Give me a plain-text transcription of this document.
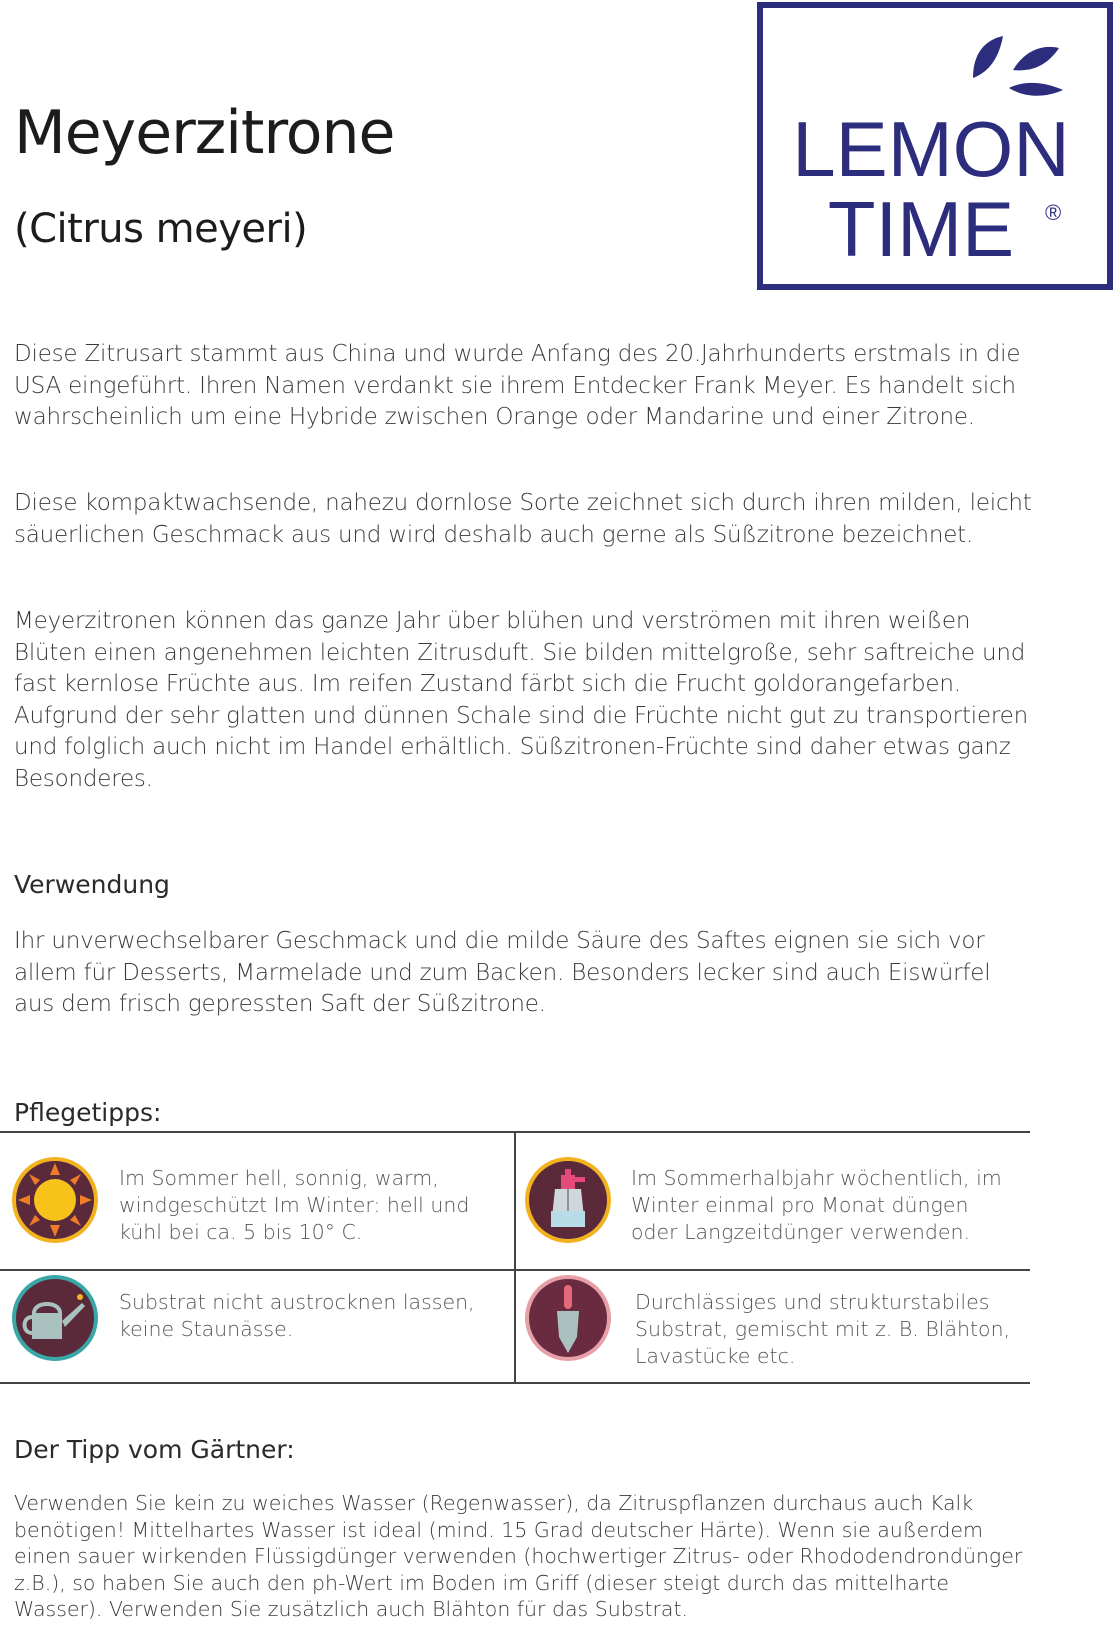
Meyerzitrone
(Citrus meyeri)
LEMON
TIME ®

Diese Zitrusart stammt aus China und wurde Anfang des 20.Jahrhunderts erstmals in die USA eingeführt. Ihren Namen verdankt sie ihrem Entdecker Frank Meyer. Es handelt sich wahrscheinlich um eine Hybride zwischen Orange oder Mandarine und einer Zitrone.

Diese kompaktwachsende, nahezu dornlose Sorte zeichnet sich durch ihren milden, leicht säuerlichen Geschmack aus und wird deshalb auch gerne als Süßzitrone bezeichnet.

Meyerzitronen können das ganze Jahr über blühen und verströmen mit ihren weißen Blüten einen angenehmen leichten Zitrusduft. Sie bilden mittelgroße, sehr saftreiche und fast kernlose Früchte aus. Im reifen Zustand färbt sich die Frucht goldorangefarben. Aufgrund der sehr glatten und dünnen Schale sind die Früchte nicht gut zu transportieren und folglich auch nicht im Handel erhältlich. Süßzitronen-Früchte sind daher etwas ganz Besonderes.

Verwendung

Ihr unverwechselbarer Geschmack und die milde Säure des Saftes eignen sie sich vor allem für Desserts, Marmelade und zum Backen. Besonders lecker sind auch Eiswürfel aus dem frisch gepressten Saft der Süßzitrone.

Pflegetipps:
Im Sommer hell, sonnig, warm, windgeschützt Im Winter: hell und kühl bei ca. 5 bis 10° C.
Im Sommerhalbjahr wöchentlich, im Winter einmal pro Monat düngen oder Langzeitdünger verwenden.
Substrat nicht austrocknen lassen, keine Staunässe.
Durchlässiges und strukturstabiles Substrat, gemischt mit z. B. Blähton, Lavastücke etc.
Der Tipp vom Gärtner:

Verwenden Sie kein zu weiches Wasser (Regenwasser), da Zitruspflanzen durchaus auch Kalk benötigen! Mittelhartes Wasser ist ideal (mind. 15 Grad deutscher Härte). Wenn sie außerdem einen sauer wirkenden Flüssigdünger verwenden (hochwertiger Zitrus- oder Rhododendrondünger z.B.), so haben Sie auch den ph-Wert im Boden im Griff (dieser steigt durch das mittelharte Wasser). Verwenden Sie zusätzlich auch Blähton für das Substrat.
